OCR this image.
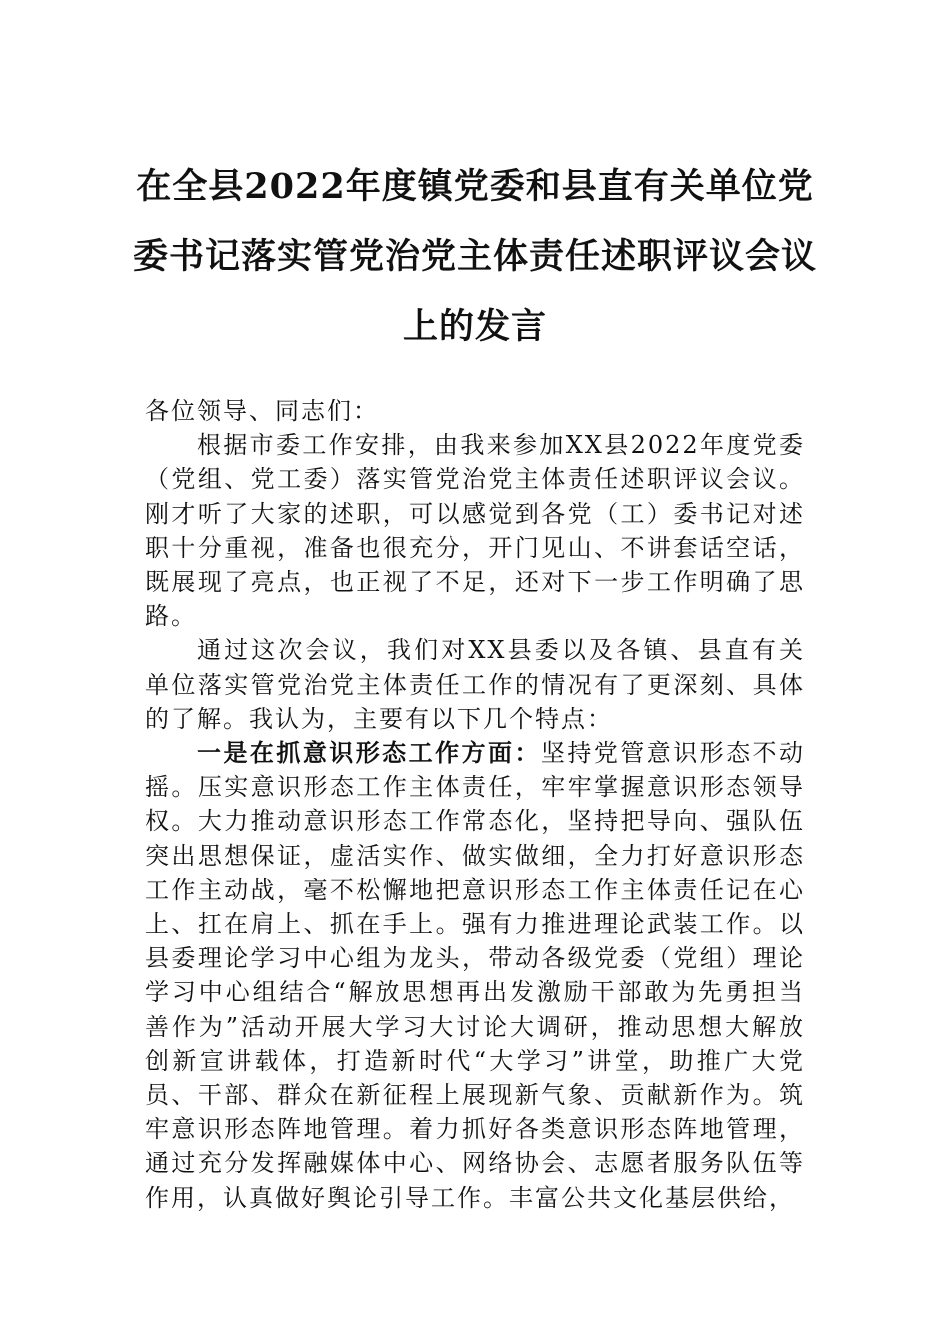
在全县2022年度镇党委和县直有关单位党委书记落实管党治党主体责任述职评议会议上的发言

各位领导、同志们：

根据市委工作安排，由我来参加XX县2022年度党委（党组、党工委）落实管党治党主体责任述职评议会议。刚才听了大家的述职，可以感觉到各党（工）委书记对述职十分重视，准备也很充分，开门见山、不讲套话空话，既展现了亮点，也正视了不足，还对下一步工作明确了思路。

通过这次会议，我们对XX县委以及各镇、县直有关单位落实管党治党主体责任工作的情况有了更深刻、具体的了解。我认为，主要有以下几个特点：

一是在抓意识形态工作方面：坚持党管意识形态不动摇。压实意识形态工作主体责任，牢牢掌握意识形态领导权。大力推动意识形态工作常态化，坚持把导向、强队伍突出思想保证，虚活实作、做实做细，全力打好意识形态工作主动战，毫不松懈地把意识形态工作主体责任记在心上、扛在肩上、抓在手上。强有力推进理论武装工作。以县委理论学习中心组为龙头，带动各级党委（党组）理论学习中心组结合“解放思想再出发激励干部敢为先勇担当善作为”活动开展大学习大讨论大调研，推动思想大解放创新宣讲载体，打造新时代“大学习”讲堂，助推广大党员、干部、群众在新征程上展现新气象、贡献新作为。筑牢意识形态阵地管理。着力抓好各类意识形态阵地管理，通过充分发挥融媒体中心、网络协会、志愿者服务队伍等作用，认真做好舆论引导工作。丰富公共文化基层供给，
